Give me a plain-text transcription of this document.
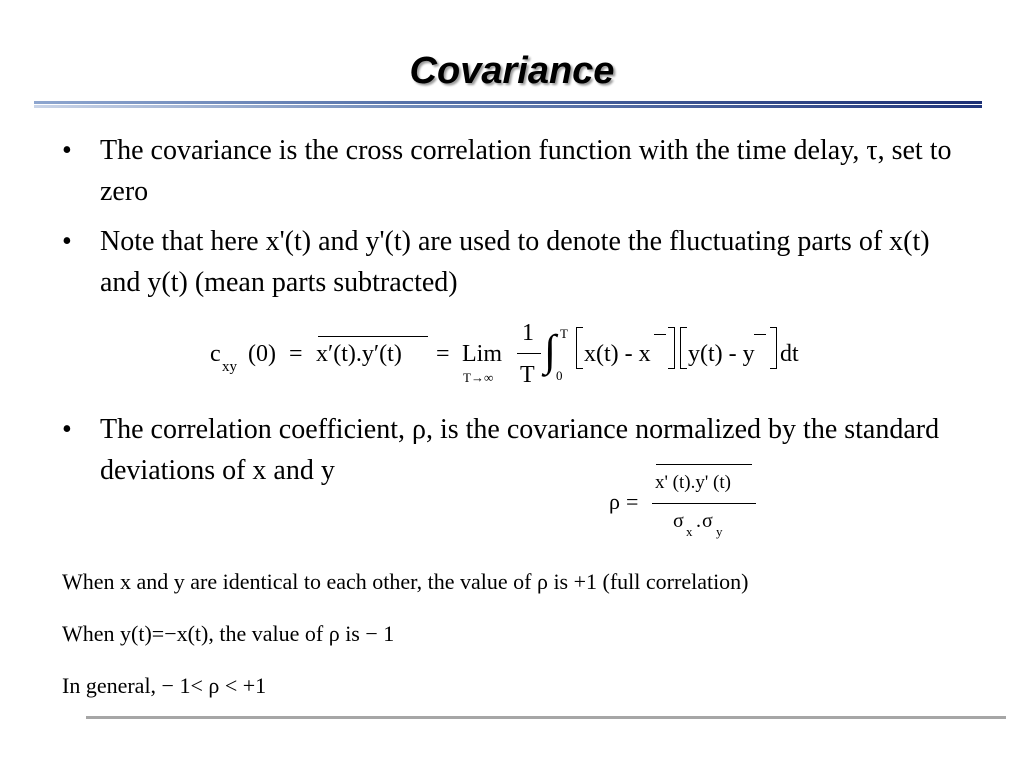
Covariance
• The covariance is the cross correlation function with the time delay, τ, set to zero
• Note that here x'(t) and y'(t) are used to denote the fluctuating parts of x(t) and y(t) (mean parts subtracted)
c xy (0) = x′(t).y′(t) = Lim
T→∞
1
T ∫ T
0
x(t) - x y(t) - y dt
• The correlation coefficient, ρ, is the covariance normalized by the standard deviations of x and y
ρ =
x' (t).y' (t)
σ x . σ y
When x and y are identical to each other, the value of ρ is +1 (full correlation)
When y(t)=−x(t), the value of ρ is − 1
In general, − 1< ρ < +1
